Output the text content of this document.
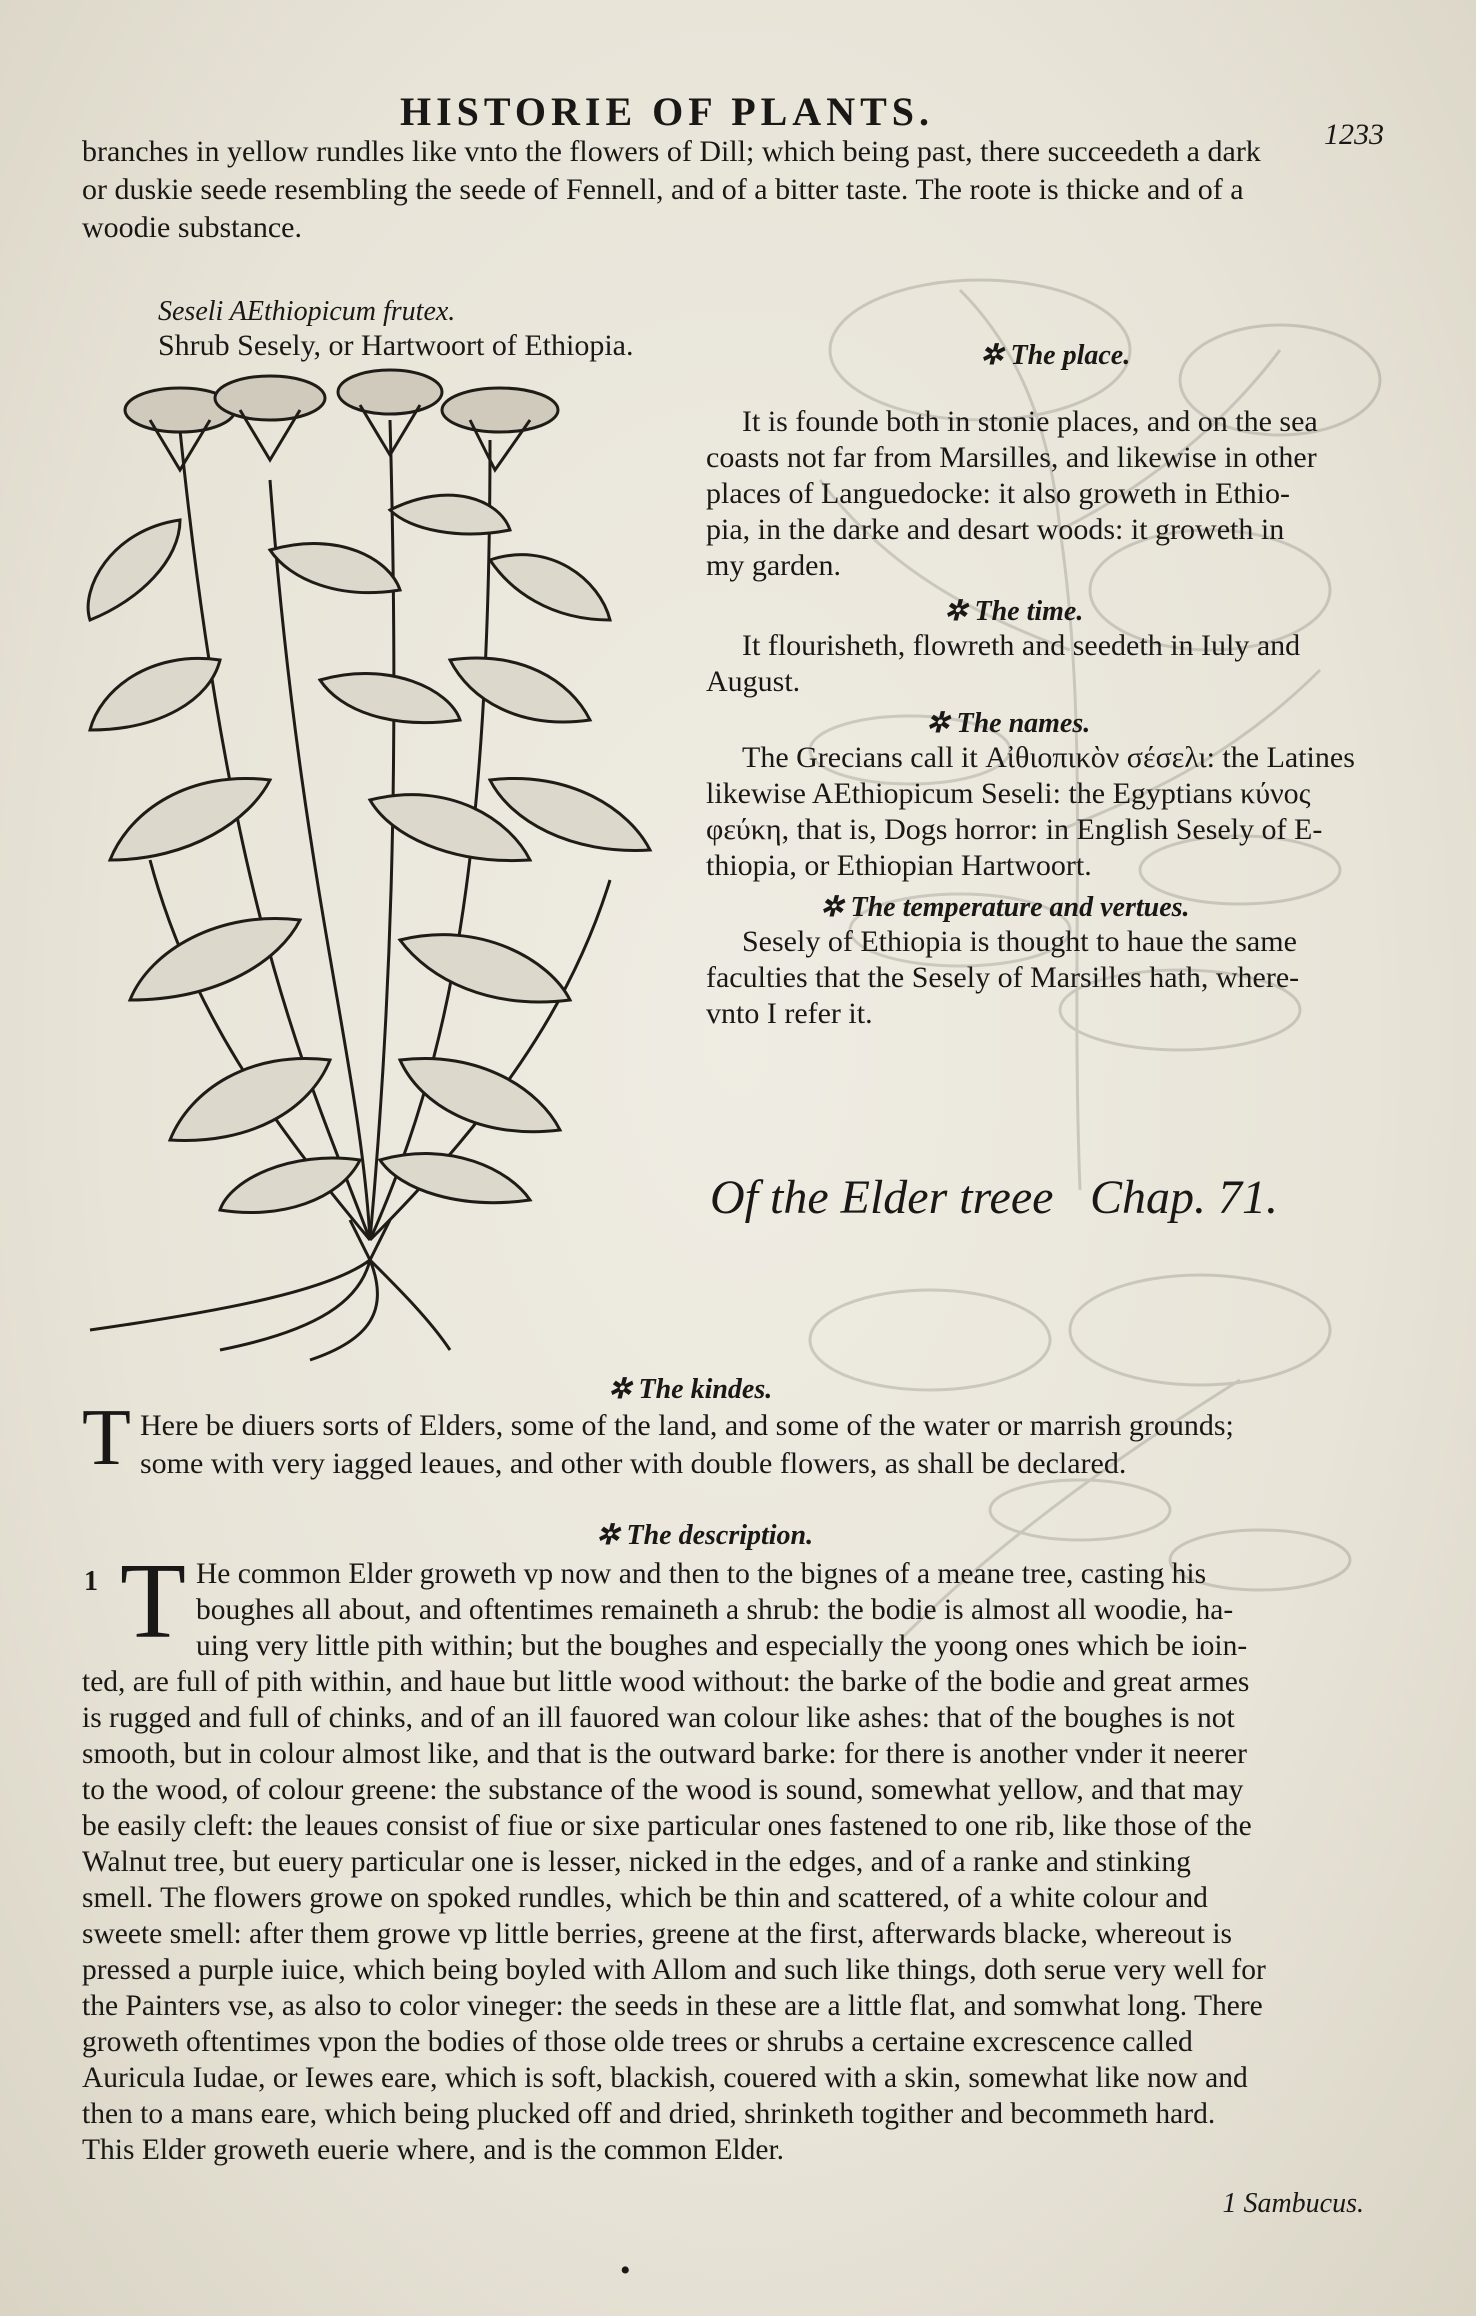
HISTORIE OF PLANTS.
1233
branches in yellow rundles like vnto the flowers of Dill; which being past, there succeedeth a dark
or duskie seede resembling the seede of Fennell, and of a bitter taste. The roote is thicke and of a
woodie substance.
Seseli AEthiopicum frutex.
Shrub Sesely, or Hartwoort of Ethiopia.	✲ The place.
It is founde both in stonie places, and on the sea
coasts not far from Marsilles, and likewise in other
places of Languedocke: it also groweth in Ethio-
pia, in the darke and desart woods: it groweth in
my garden.
✲ The time.
It flourisheth, flowreth and seedeth in Iuly and
August.
✲ The names.
The Grecians call it Αἰθιοπικὸν σέσελι: the Latines
likewise AEthiopicum Seseli: the Egyptians κύνος
φεύκη, that is, Dogs horror: in English Sesely of E-
thiopia, or Ethiopian Hartwoort.
✲ The temperature and vertues.
Sesely of Ethiopia is thought to haue the same
faculties that the Sesely of Marsilles hath, where-
vnto I refer it.
Of the Elder treee Chap. 71.
✲ The kindes.
T Here be diuers sorts of Elders, some of the land, and some of the water or marrish grounds;
some with very iagged leaues, and other with double flowers, as shall be declared.
✲ The description.
1 T He common Elder groweth vp now and then to the bignes of a meane tree, casting his
boughes all about, and oftentimes remaineth a shrub: the bodie is almost all woodie, ha-
uing very little pith within; but the boughes and especially the yoong ones which be ioin-
ted, are full of pith within, and haue but little wood without: the barke of the bodie and great armes
is rugged and full of chinks, and of an ill fauored wan colour like ashes: that of the boughes is not
smooth, but in colour almost like, and that is the outward barke: for there is another vnder it neerer
to the wood, of colour greene: the substance of the wood is sound, somewhat yellow, and that may
be easily cleft: the leaues consist of fiue or sixe particular ones fastened to one rib, like those of the
Walnut tree, but euery particular one is lesser, nicked in the edges, and of a ranke and stinking
smell. The flowers growe on spoked rundles, which be thin and scattered, of a white colour and
sweete smell: after them growe vp little berries, greene at the first, afterwards blacke, whereout is
pressed a purple iuice, which being boyled with Allom and such like things, doth serue very well for
the Painters vse, as also to color vineger: the seeds in these are a little flat, and somwhat long. There
groweth oftentimes vpon the bodies of those olde trees or shrubs a certaine excrescence called
Auricula Iudae, or Iewes eare, which is soft, blackish, couered with a skin, somewhat like now and
then to a mans eare, which being plucked off and dried, shrinketh togither and becommeth hard.
This Elder groweth euerie where, and is the common Elder.
1 Sambucus.
•
